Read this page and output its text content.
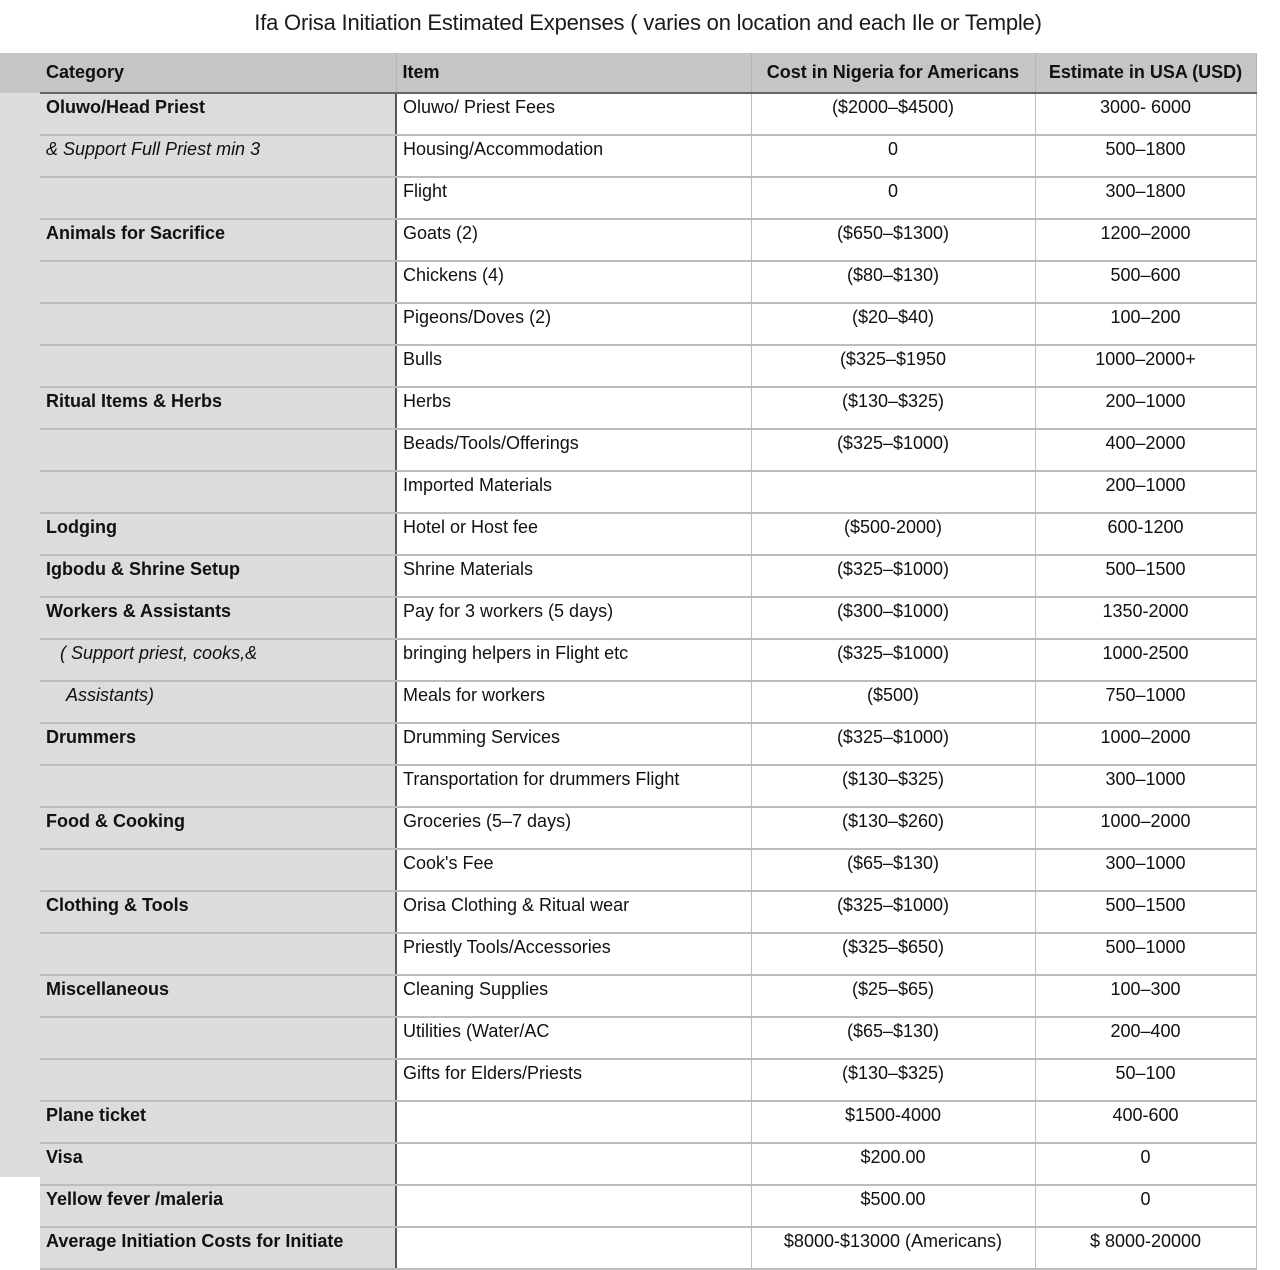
Ifa Orisa Initiation Estimated Expenses ( varies on location and each Ile or Temple)
Category	Item	Cost in Nigeria for Americans	Estimate in USA (USD)
Oluwo/Head Priest	Oluwo/ Priest Fees	($2000–$4500)	3000- 6000
& Support Full Priest min 3	Housing/Accommodation	0	500–1800
	Flight	0	300–1800
Animals for Sacrifice	Goats (2)	($650–$1300)	1200–2000
	Chickens (4)	($80–$130)	500–600
	Pigeons/Doves (2)	($20–$40)	100–200
	Bulls	($325–$1950	1000–2000+
Ritual Items & Herbs	Herbs	($130–$325)	200–1000
	Beads/Tools/Offerings	($325–$1000)	400–2000
	Imported Materials		200–1000
Lodging	Hotel or Host fee	($500-2000)	600-1200
Igbodu & Shrine Setup	Shrine Materials	($325–$1000)	500–1500
Workers & Assistants	Pay for 3 workers (5 days)	($300–$1000)	1350-2000
( Support priest, cooks,&	bringing helpers in Flight etc	($325–$1000)	1000-2500
Assistants)	Meals for workers	($500)	750–1000
Drummers	Drumming Services	($325–$1000)	1000–2000
	Transportation for drummers Flight	($130–$325)	300–1000
Food & Cooking	Groceries (5–7 days)	($130–$260)	1000–2000
	Cook's Fee	($65–$130)	300–1000
Clothing & Tools	Orisa Clothing & Ritual wear	($325–$1000)	500–1500
	Priestly Tools/Accessories	($325–$650)	500–1000
Miscellaneous	Cleaning Supplies	($25–$65)	100–300
	Utilities (Water/AC	($65–$130)	200–400
	Gifts for Elders/Priests	($130–$325)	50–100
Plane ticket		$1500-4000	400-600
Visa		$200.00	0
Yellow fever /maleria		$500.00	0
Average Initiation Costs for Initiate		$8000-$13000 (Americans)	$ 8000-20000
